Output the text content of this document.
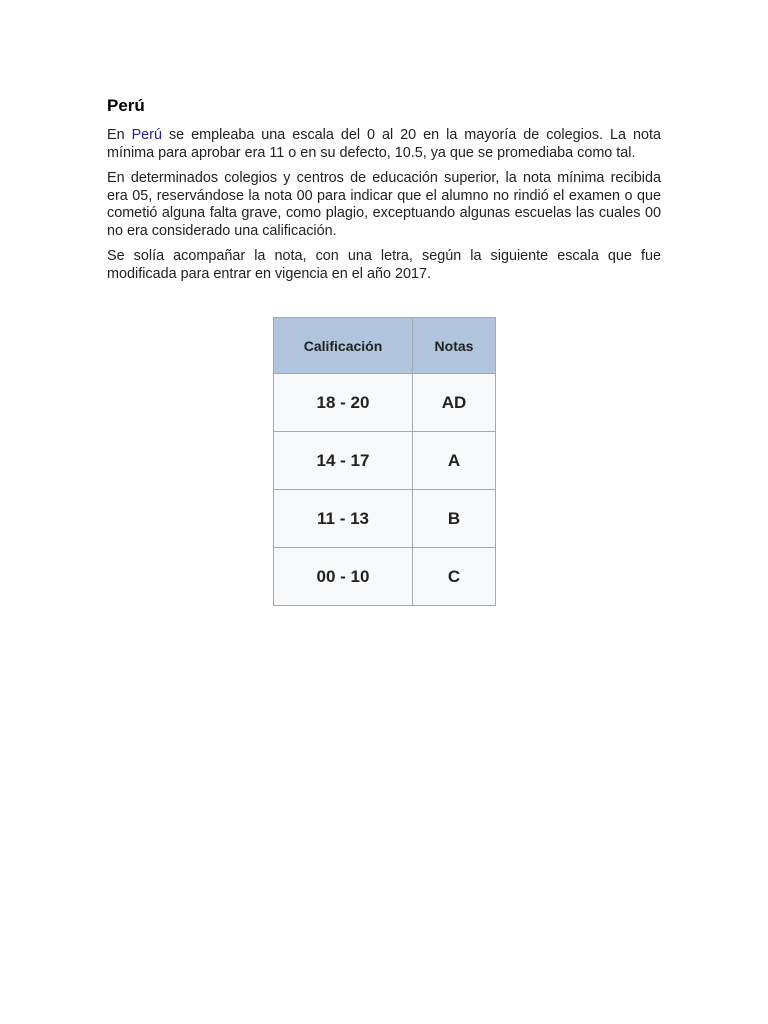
Perú

En Perú se empleaba una escala del 0 al 20 en la mayoría de colegios. La nota mínima para aprobar era 11 o en su defecto, 10.5, ya que se promediaba como tal.

En determinados colegios y centros de educación superior, la nota mínima recibida era 05, reservándose la nota 00 para indicar que el alumno no rindió el examen o que cometió alguna falta grave, como plagio, exceptuando algunas escuelas las cuales 00 no era considerado una calificación.

Se solía acompañar la nota, con una letra, según la siguiente escala que fue modificada para entrar en vigencia en el año 2017.

Calificación	Notas
18 - 20	AD
14 - 17	A
11 - 13	B
00 - 10	C
